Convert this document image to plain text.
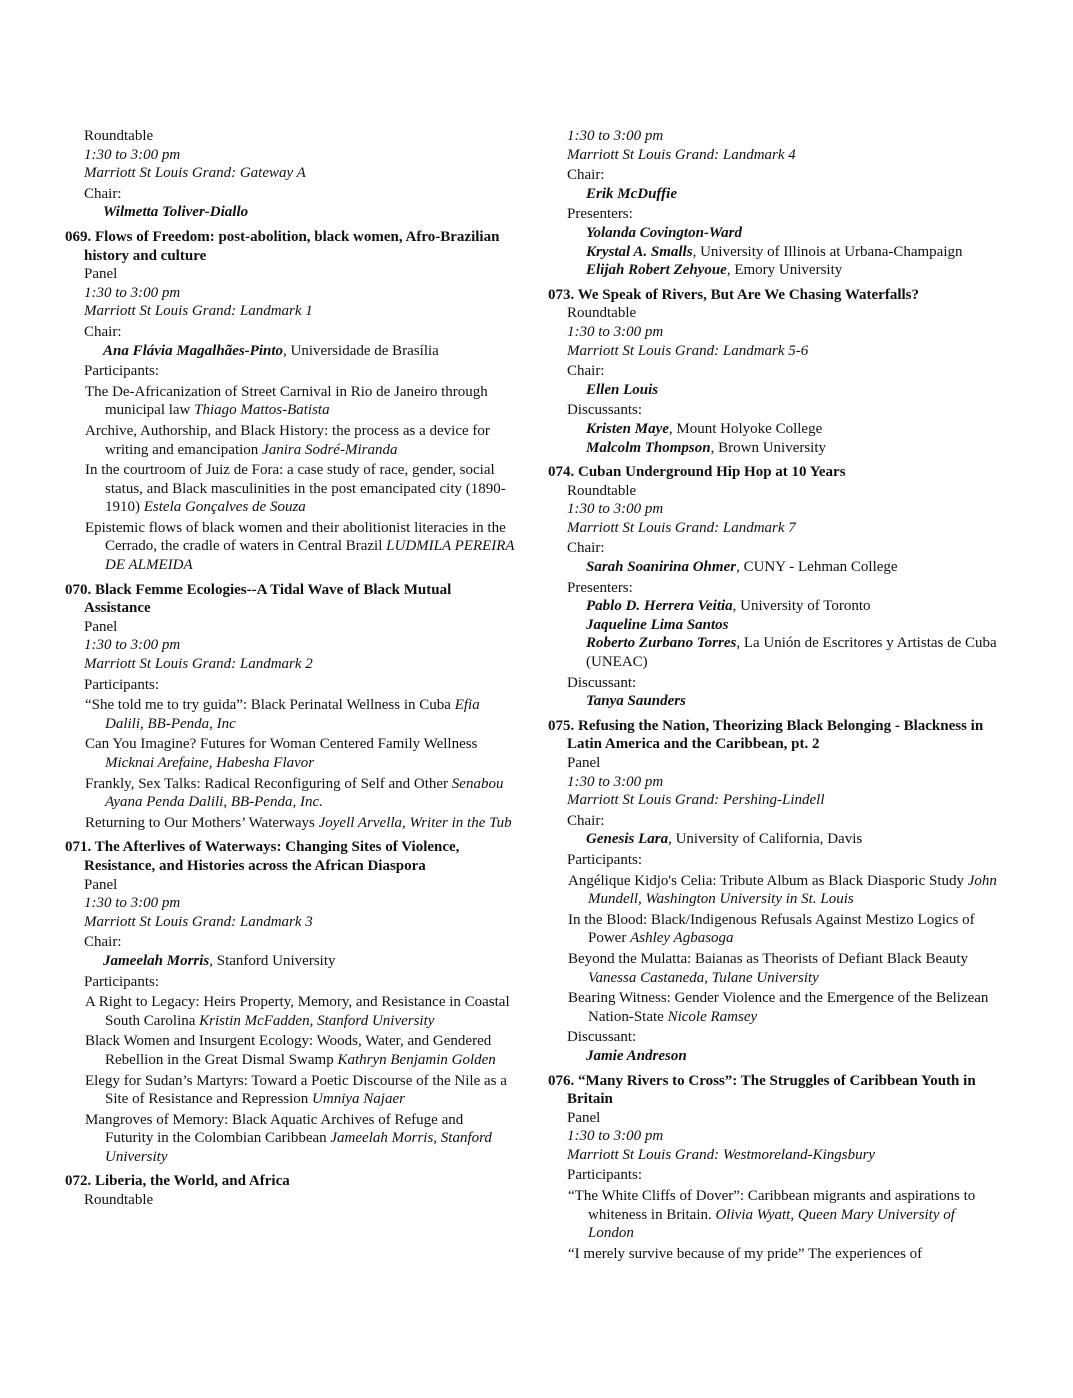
Roundtable
1:30 to 3:00 pm
Marriott St Louis Grand: Gateway A
Chair:
Wilmetta Toliver-Diallo
069. Flows of Freedom: post-abolition, black women, Afro-Brazilian history and culture
Panel
1:30 to 3:00 pm
Marriott St Louis Grand: Landmark 1
Chair:
Ana Flávia Magalhães-Pinto, Universidade de Brasília
Participants:
The De-Africanization of Street Carnival in Rio de Janeiro through municipal law Thiago Mattos-Batista
Archive, Authorship, and Black History: the process as a device for writing and emancipation Janira Sodré-Miranda
In the courtroom of Juiz de Fora: a case study of race, gender, social status, and Black masculinities in the post emancipated city (1890-1910) Estela Gonçalves de Souza
Epistemic flows of black women and their abolitionist literacies in the Cerrado, the cradle of waters in Central Brazil LUDMILA PEREIRA DE ALMEIDA
070. Black Femme Ecologies--A Tidal Wave of Black Mutual Assistance
Panel
1:30 to 3:00 pm
Marriott St Louis Grand: Landmark 2
Participants:
“She told me to try guida”: Black Perinatal Wellness in Cuba Efia Dalili, BB-Penda, Inc
Can You Imagine? Futures for Woman Centered Family Wellness Micknai Arefaine, Habesha Flavor
Frankly, Sex Talks: Radical Reconfiguring of Self and Other Senabou Ayana Penda Dalili, BB-Penda, Inc.
Returning to Our Mothers’ Waterways Joyell Arvella, Writer in the Tub
071. The Afterlives of Waterways: Changing Sites of Violence, Resistance, and Histories across the African Diaspora
Panel
1:30 to 3:00 pm
Marriott St Louis Grand: Landmark 3
Chair:
Jameelah Morris, Stanford University
Participants:
A Right to Legacy: Heirs Property, Memory, and Resistance in Coastal South Carolina Kristin McFadden, Stanford University
Black Women and Insurgent Ecology: Woods, Water, and Gendered Rebellion in the Great Dismal Swamp Kathryn Benjamin Golden
Elegy for Sudan’s Martyrs: Toward a Poetic Discourse of the Nile as a Site of Resistance and Repression Umniya Najaer
Mangroves of Memory: Black Aquatic Archives of Refuge and Futurity in the Colombian Caribbean Jameelah Morris, Stanford University
072. Liberia, the World, and Africa
Roundtable
1:30 to 3:00 pm
Marriott St Louis Grand: Landmark 4
Chair:
Erik McDuffie
Presenters:
Yolanda Covington-Ward
Krystal A. Smalls, University of Illinois at Urbana-Champaign
Elijah Robert Zehyoue, Emory University
073. We Speak of Rivers, But Are We Chasing Waterfalls?
Roundtable
1:30 to 3:00 pm
Marriott St Louis Grand: Landmark 5-6
Chair:
Ellen Louis
Discussants:
Kristen Maye, Mount Holyoke College
Malcolm Thompson, Brown University
074. Cuban Underground Hip Hop at 10 Years
Roundtable
1:30 to 3:00 pm
Marriott St Louis Grand: Landmark 7
Chair:
Sarah Soanirina Ohmer, CUNY - Lehman College
Presenters:
Pablo D. Herrera Veitia, University of Toronto
Jaqueline Lima Santos
Roberto Zurbano Torres, La Unión de Escritores y Artistas de Cuba (UNEAC)
Discussant:
Tanya Saunders
075. Refusing the Nation, Theorizing Black Belonging - Blackness in Latin America and the Caribbean, pt. 2
Panel
1:30 to 3:00 pm
Marriott St Louis Grand: Pershing-Lindell
Chair:
Genesis Lara, University of California, Davis
Participants:
Angélique Kidjo's Celia: Tribute Album as Black Diasporic Study John Mundell, Washington University in St. Louis
In the Blood: Black/Indigenous Refusals Against Mestizo Logics of Power Ashley Agbasoga
Beyond the Mulatta: Baianas as Theorists of Defiant Black Beauty Vanessa Castaneda, Tulane University
Bearing Witness: Gender Violence and the Emergence of the Belizean Nation-State Nicole Ramsey
Discussant:
Jamie Andreson
076. “Many Rivers to Cross”: The Struggles of Caribbean Youth in Britain
Panel
1:30 to 3:00 pm
Marriott St Louis Grand: Westmoreland-Kingsbury
Participants:
“The White Cliffs of Dover”: Caribbean migrants and aspirations to whiteness in Britain. Olivia Wyatt, Queen Mary University of London
“I merely survive because of my pride” The experiences of
